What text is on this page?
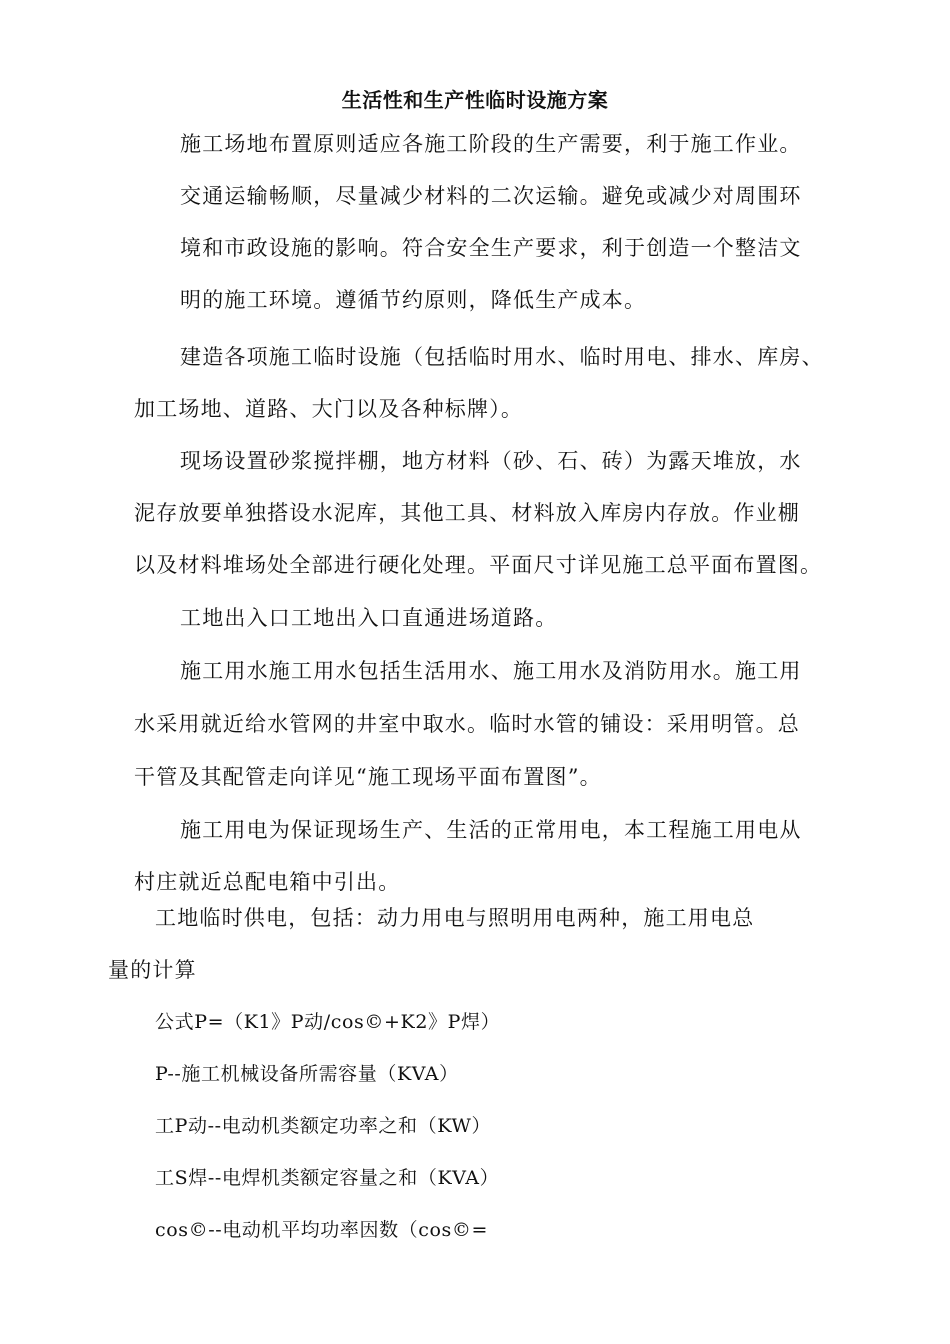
生活性和生产性临时设施方案
施工场地布置原则适应各施工阶段的生产需要，利于施工作业。
交通运输畅顺，尽量减少材料的二次运输。避免或减少对周围环
境和市政设施的影响。符合安全生产要求，利于创造一个整洁文
明的施工环境。遵循节约原则，降低生产成本。
建造各项施工临时设施（包括临时用水、临时用电、排水、库房、
加工场地、道路、大门以及各种标牌）。
现场设置砂浆搅拌棚，地方材料（砂、石、砖）为露天堆放，水
泥存放要单独搭设水泥库，其他工具、材料放入库房内存放。作业棚
以及材料堆场处全部进行硬化处理。平面尺寸详见施工总平面布置图。
工地出入口工地出入口直通进场道路。
施工用水施工用水包括生活用水、施工用水及消防用水。施工用
水采用就近给水管网的井室中取水。临时水管的铺设：采用明管。总
干管及其配管走向详见“施工现场平面布置图”。
施工用电为保证现场生产、生活的正常用电，本工程施工用电从
村庄就近总配电箱中引出。
工地临时供电，包括：动力用电与照明用电两种，施工用电总
量的计算
公式P=（K1》P动/cos©+K2》P焊）
P--施工机械设备所需容量（KVA）
工P动--电动机类额定功率之和（KW）
工S焊--电焊机类额定容量之和（KVA）
cos©--电动机平均功率因数（cos©=
